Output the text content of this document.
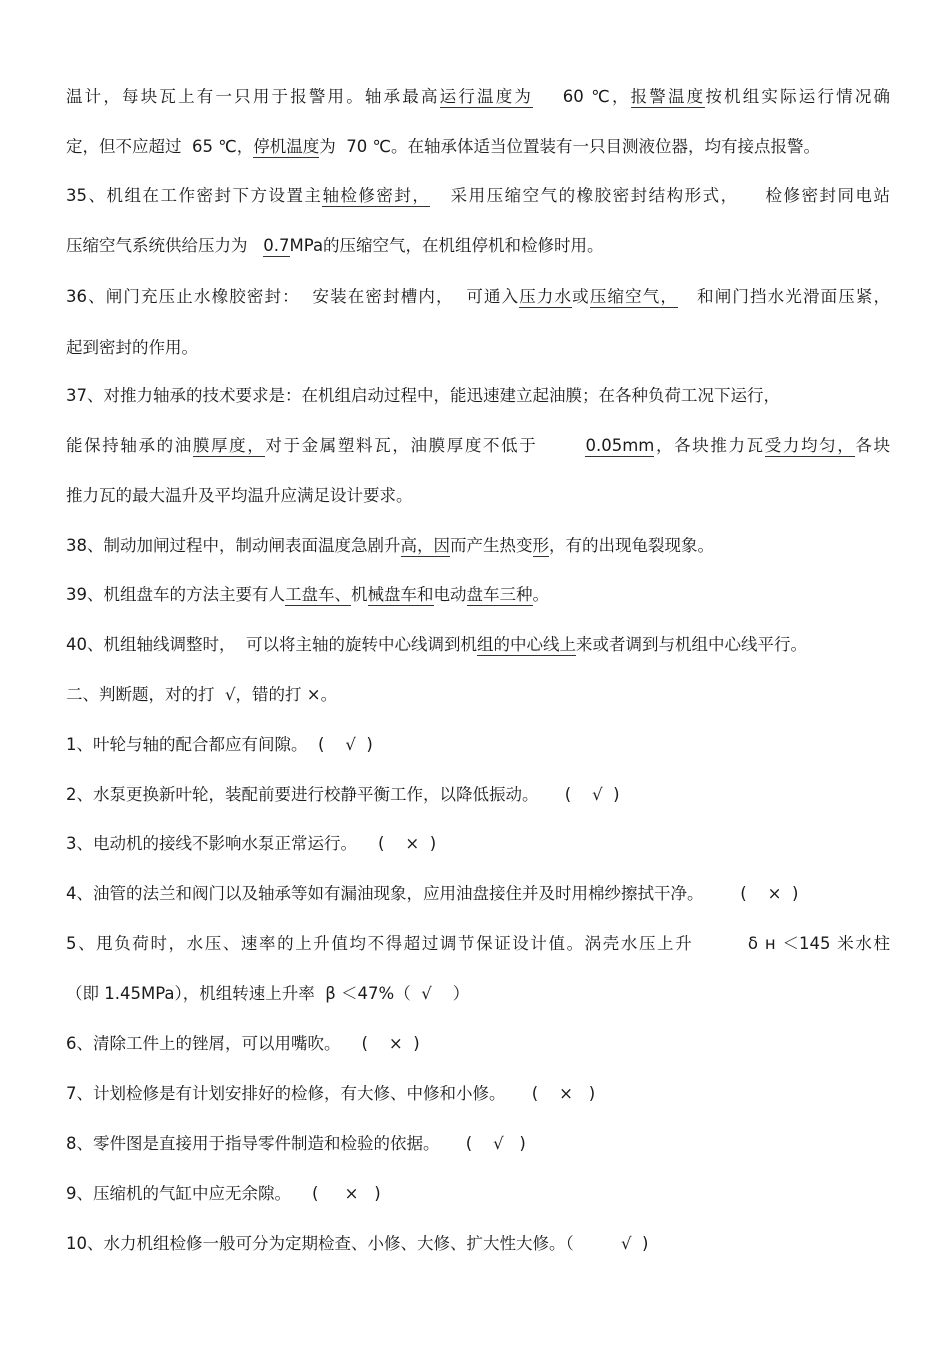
温计，每块瓦上有一只用于报警用。轴承最高运行温度为    60 ℃，报警温度按机组实际运行情况确
定，但不应超过  65 ℃，停机温度为  70 ℃。在轴承体适当位置装有一只目测液位器，均有接点报警。
35、机组在工作密封下方设置主轴检修密封，   采用压缩空气的橡胶密封结构形式，    检修密封同电站
压缩空气系统供给压力为   0.7MPa的压缩空气，在机组停机和检修时用。
36、闸门充压止水橡胶密封：  安装在密封槽内，  可通入压力水或压缩空气，   和闸门挡水光滑面压紧，
起到密封的作用。
37、对推力轴承的技术要求是：在机组启动过程中，能迅速建立起油膜；在各种负荷工况下运行，
能保持轴承的油膜厚度，对于金属塑料瓦，油膜厚度不低于       0.05mm，各块推力瓦受力均匀，各块
推力瓦的最大温升及平均温升应满足设计要求。
38、制动加闸过程中，制动闸表面温度急剧升高，因而产生热变形，有的出现龟裂现象。
39、机组盘车的方法主要有人工盘车、机械盘车和电动盘车三种。
40、机组轴线调整时，  可以将主轴的旋转中心线调到机组的中心线上来或者调到与机组中心线平行。
二、判断题，对的打  √，错的打 ×。
1、叶轮与轴的配合都应有间隙。  (    √  )
2、水泵更换新叶轮，装配前要进行校静平衡工作，以降低振动。     (    √  )
3、电动机的接线不影响水泵正常运行。    (    ×  )
4、油管的法兰和阀门以及轴承等如有漏油现象，应用油盘接住并及时用棉纱擦拭干净。       (    ×  )
5、甩负荷时，水压、速率的上升值均不得超过调节保证设计值。涡壳水压上升        δ н ＜145 米水柱
（即 1.45MPa），机组转速上升率  β ＜47%（  √    ）
6、清除工件上的锉屑，可以用嘴吹。    (    ×  )
7、计划检修是有计划安排好的检修，有大修、中修和小修。     (    ×   )
8、零件图是直接用于指导零件制造和检验的依据。     (    √   )
9、压缩机的气缸中应无余隙。    (     ×   )
10、水力机组检修一般可分为定期检查、小修、大修、扩大性大修。（         √  )
